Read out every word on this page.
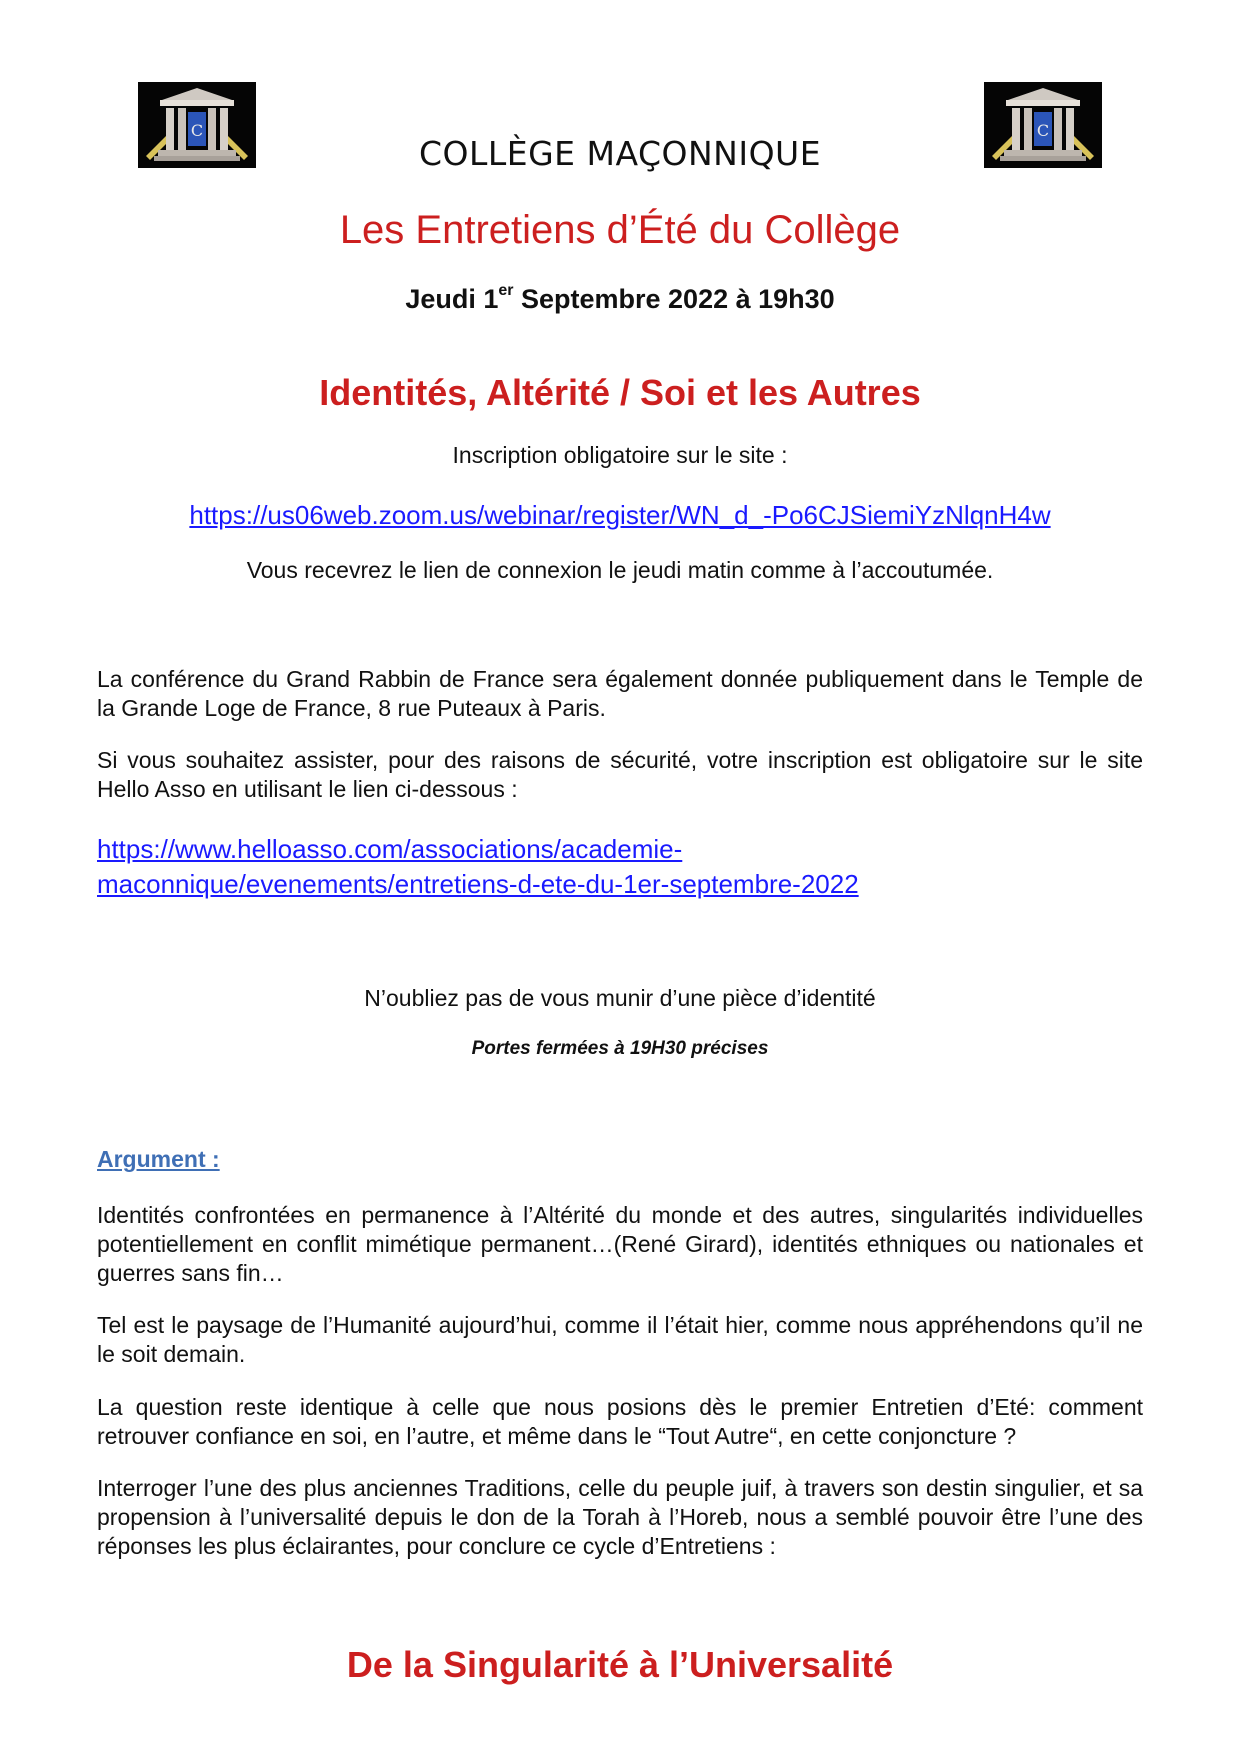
C	C
COLLÈGE MAÇONNIQUE
Les Entretiens d’Été du Collège
Jeudi 1er Septembre 2022 à 19h30
Identités, Altérité / Soi et les Autres
Inscription obligatoire sur le site :
https://us06web.zoom.us/webinar/register/WN_d_-Po6CJSiemiYzNlqnH4w
Vous recevrez le lien de connexion le jeudi matin comme à l’accoutumée.

La conférence du Grand Rabbin de France sera également donnée publiquement dans le Temple de la Grande Loge de France, 8 rue Puteaux à Paris.

Si vous souhaitez assister, pour des raisons de sécurité, votre inscription est obligatoire sur le site Hello Asso en utilisant le lien ci-dessous :

https://www.helloasso.com/associations/academie-
maconnique/evenements/entretiens-d-ete-du-1er-septembre-2022
N’oubliez pas de vous munir d’une pièce d’identité
Portes fermées à 19H30 précises
Argument :

Identités confrontées en permanence à l’Altérité du monde et des autres, singularités individuelles potentiellement en conflit mimétique permanent…(René Girard), identités ethniques ou nationales et guerres sans fin…

Tel est le paysage de l’Humanité aujourd’hui, comme il l’était hier, comme nous appréhendons qu’il ne le soit demain.

La question reste identique à celle que nous posions dès le premier Entretien d’Eté: comment retrouver confiance en soi, en l’autre, et même dans le “Tout Autre“, en cette conjoncture ?

Interroger l’une des plus anciennes Traditions, celle du peuple juif, à travers son destin singulier, et sa propension à l’universalité depuis le don de la Torah à l’Horeb, nous a semblé pouvoir être l’une des réponses les plus éclairantes, pour conclure ce cycle d’Entretiens :

De la Singularité à l’Universalité
